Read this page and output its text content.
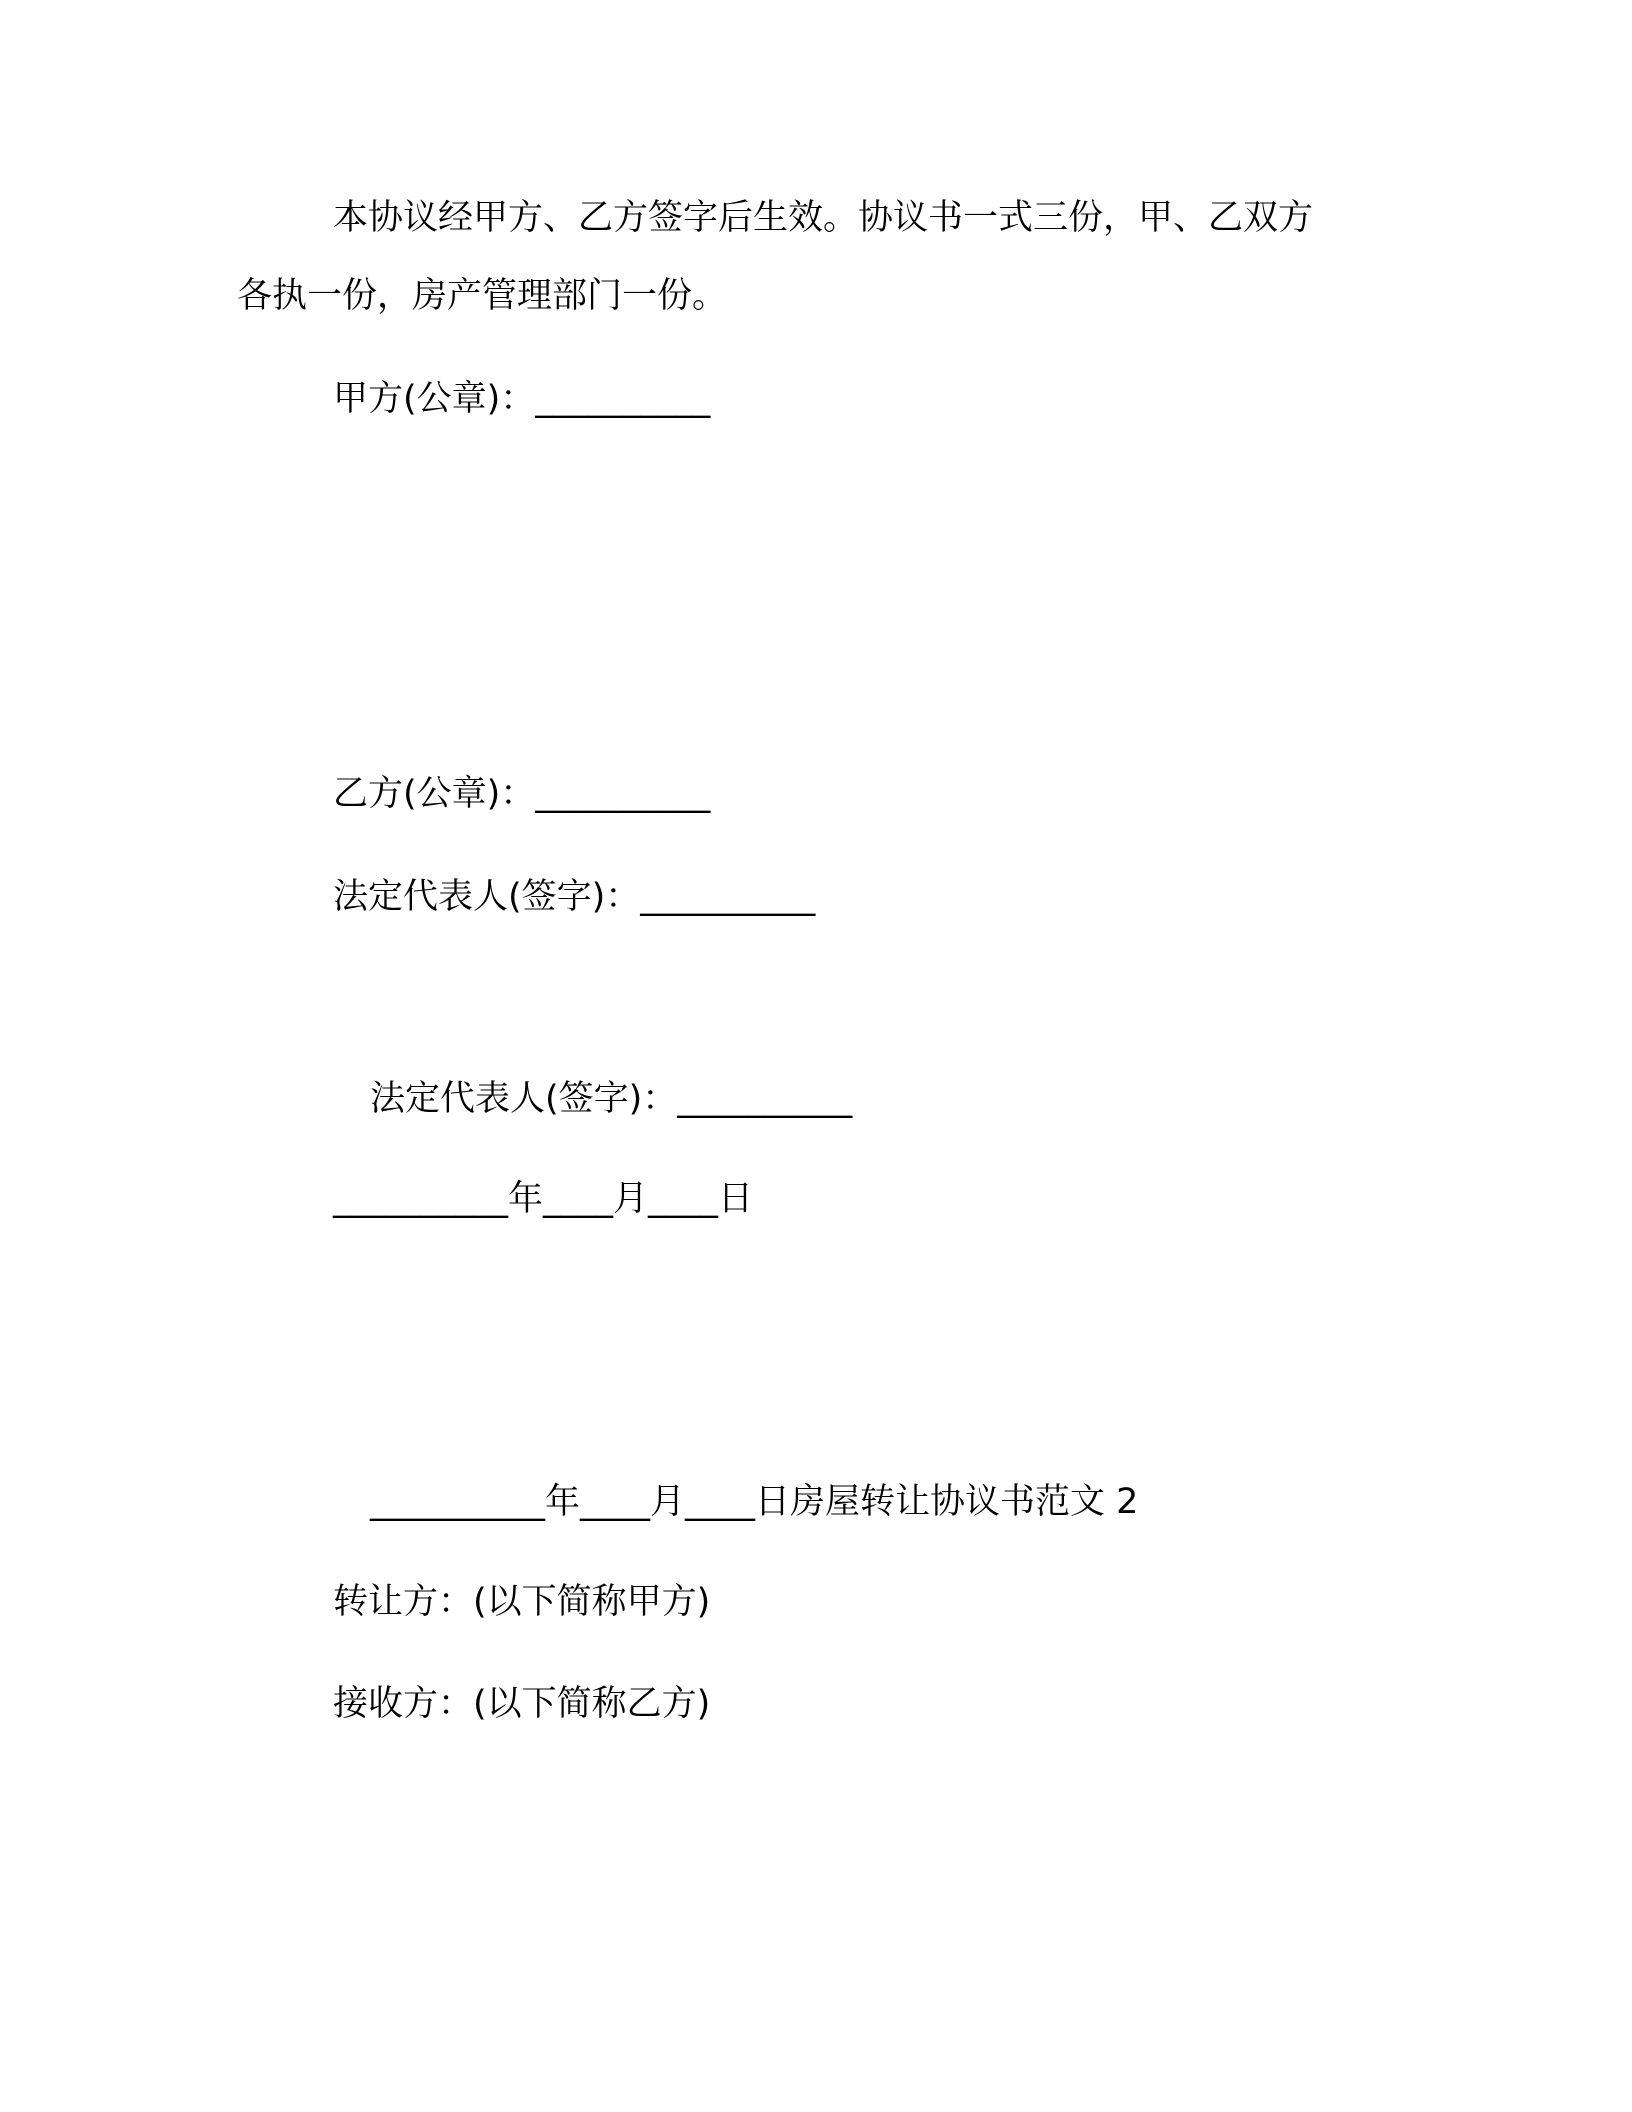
本协议经甲方、乙方签字后生效。协议书一式三份，甲、乙双方
各执一份，房产管理部门一份。
甲方(公章)：__________
乙方(公章)：__________
法定代表人(签字)：__________
法定代表人(签字)：__________
__________年____月____日
__________年____月____日房屋转让协议书范文 2
转让方：(以下简称甲方)
接收方：(以下简称乙方)
